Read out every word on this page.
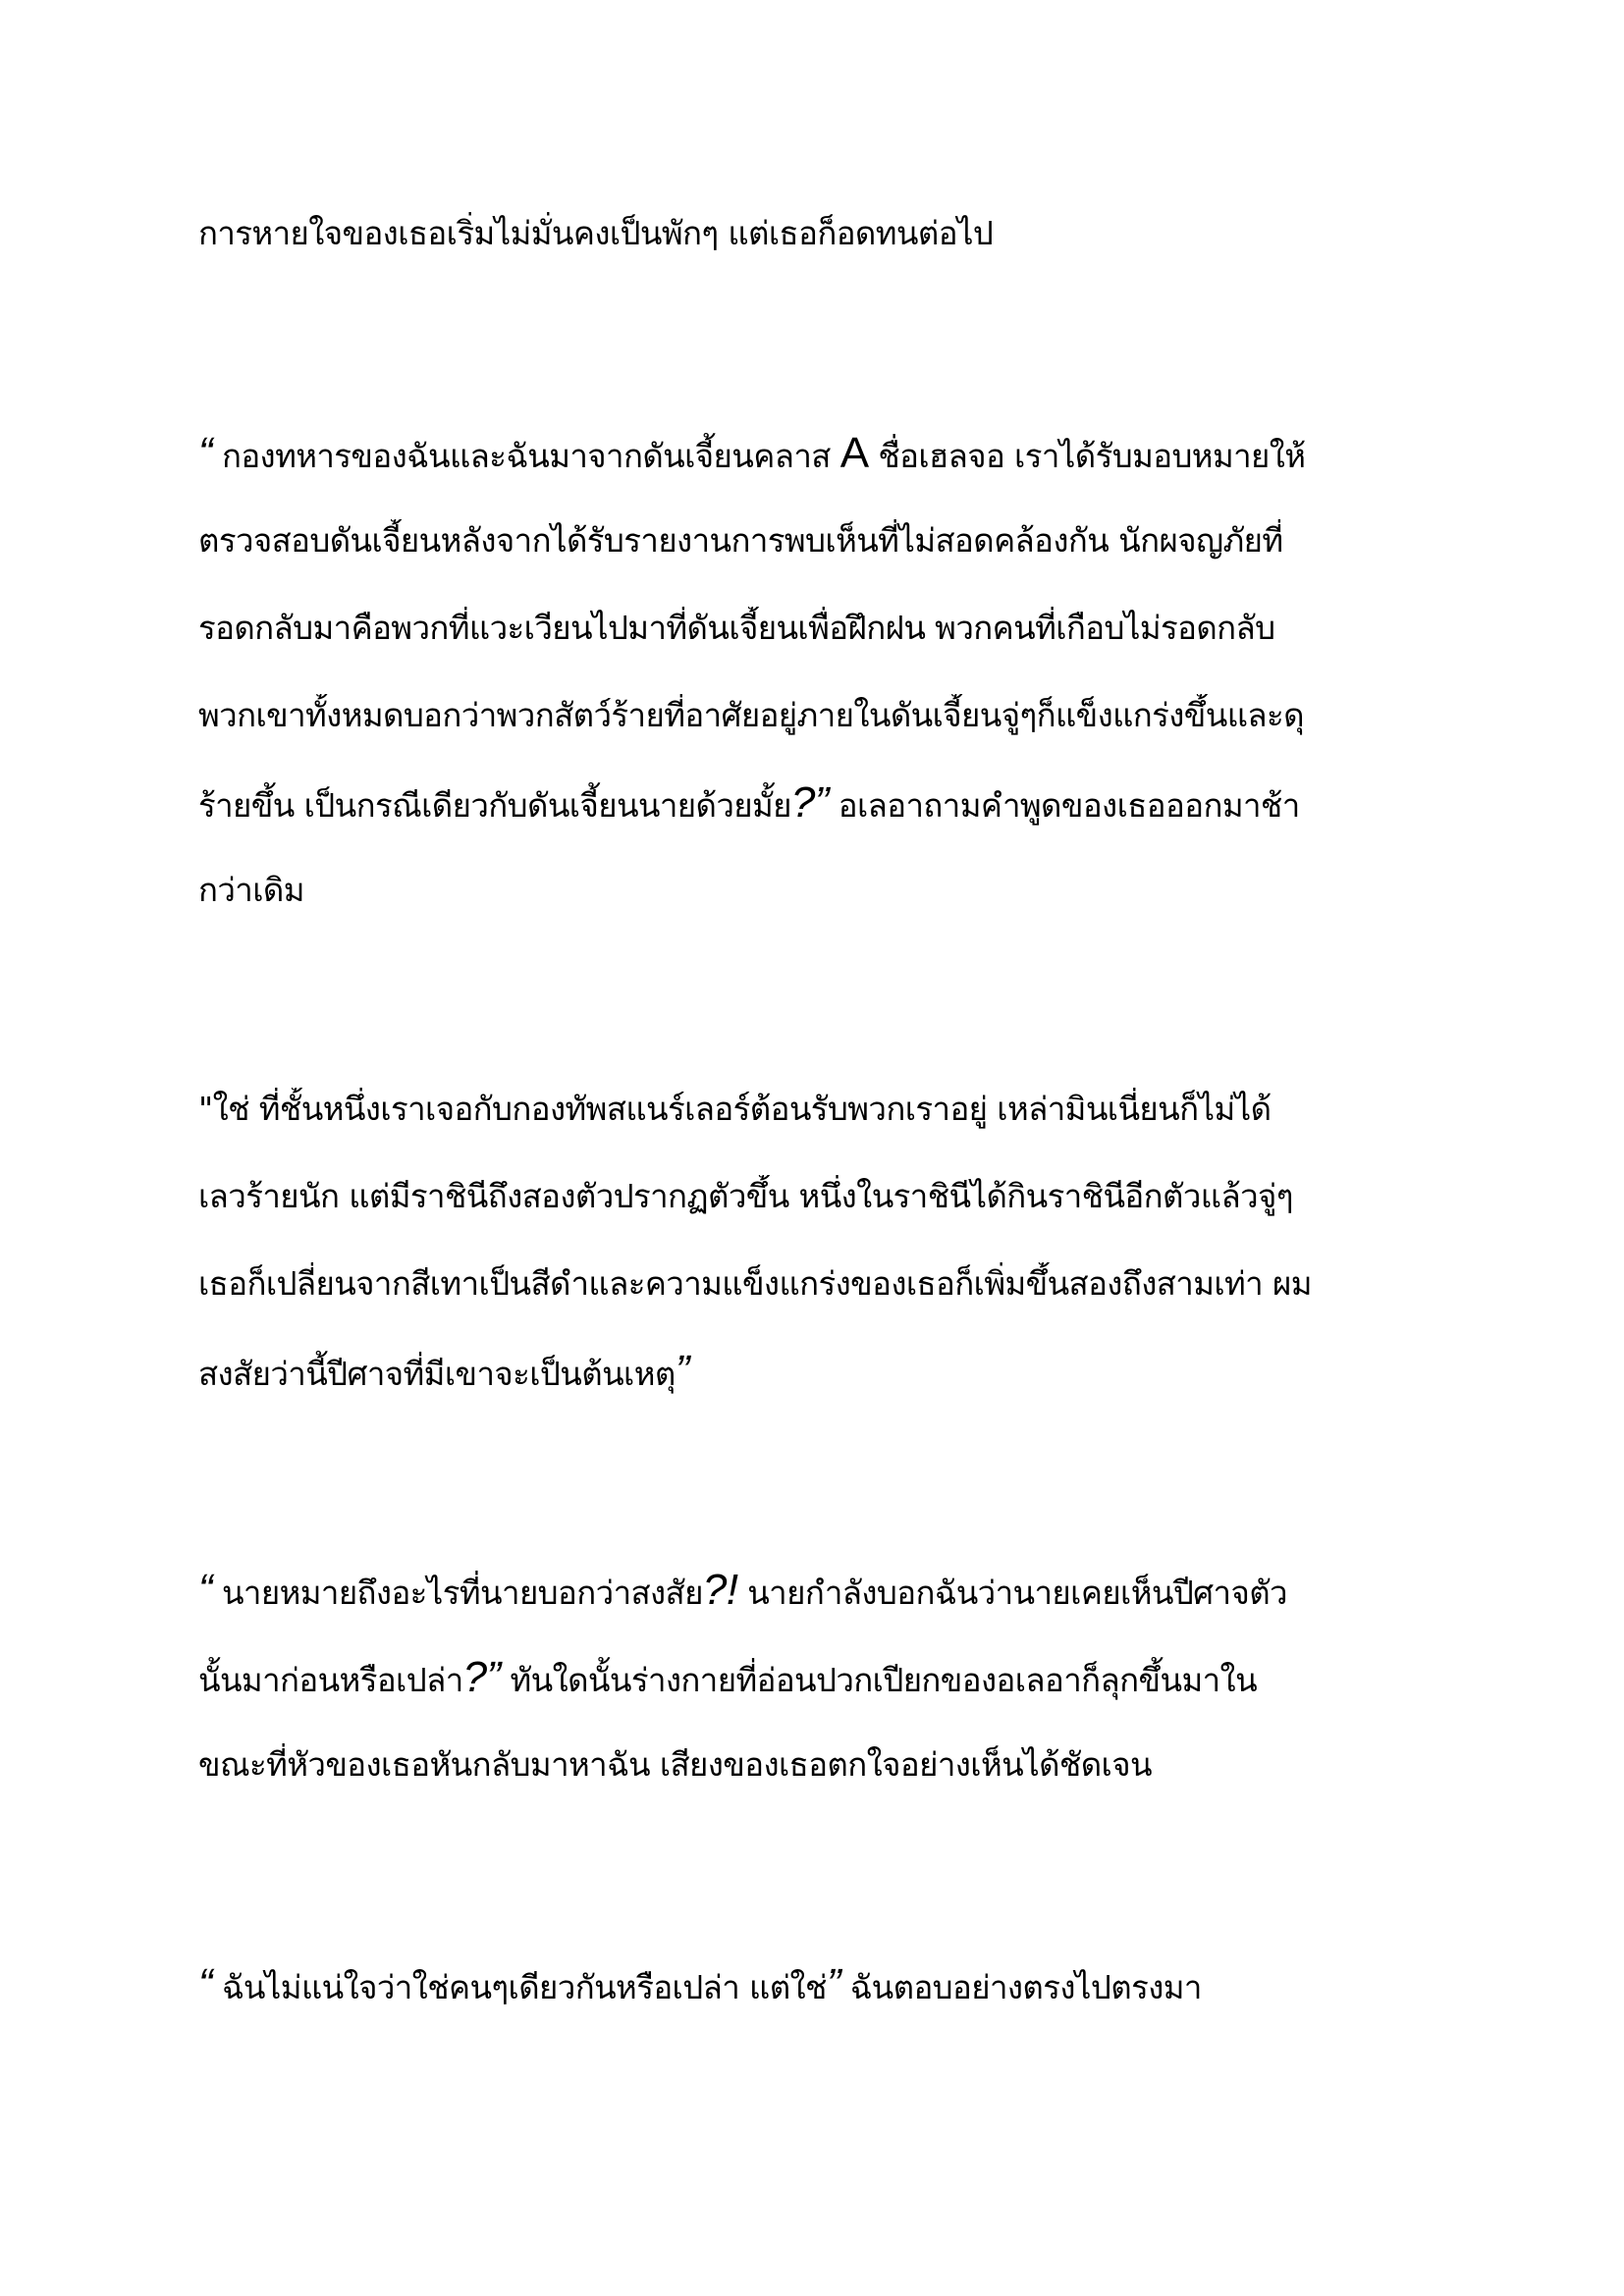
การหายใจของเธอเริ่มไม่มั่นคงเป็นพักๆ แต่เธอก็อดทนต่อไป
“ กองทหารของฉันและฉันมาจากดันเจี้ยนคลาส A ชื่อเฮลจอ เราได้รับมอบหมายให้
ตรวจสอบดันเจี้ยนหลังจากได้รับรายงานการพบเห็นที่ไม่สอดคล้องกัน นักผจญภัยที่
รอดกลับมาคือพวกที่แวะเวียนไปมาที่ดันเจี้ยนเพื่อฝึกฝน พวกคนที่เกือบไม่รอดกลับ
พวกเขาทั้งหมดบอกว่าพวกสัตว์ร้ายที่อาศัยอยู่ภายในดันเจี้ยนจู่ๆก็แข็งแกร่งขึ้นและดุ
ร้ายขึ้น เป็นกรณีเดียวกับดันเจี้ยนนายด้วยมั้ย?” อเลอาถามคำพูดของเธอออกมาช้า
กว่าเดิม
"ใช่ ที่ชั้นหนึ่งเราเจอกับกองทัพสแนร์เลอร์ต้อนรับพวกเราอยู่ เหล่ามินเนี่ยนก็ไม่ได้
เลวร้ายนัก แต่มีราชินีถึงสองตัวปรากฏตัวขึ้น หนึ่งในราชินีได้กินราชินีอีกตัวแล้วจู่ๆ
เธอก็เปลี่ยนจากสีเทาเป็นสีดำและความแข็งแกร่งของเธอก็เพิ่มขึ้นสองถึงสามเท่า ผม
สงสัยว่านี้ปีศาจที่มีเขาจะเป็นต้นเหตุ”
“ นายหมายถึงอะไรที่นายบอกว่าสงสัย?! นายกำลังบอกฉันว่านายเคยเห็นปีศาจตัว
นั้นมาก่อนหรือเปล่า?” ทันใดนั้นร่างกายที่อ่อนปวกเปียกของอเลอาก็ลุกขึ้นมาใน
ขณะที่หัวของเธอหันกลับมาหาฉัน เสียงของเธอตกใจอย่างเห็นได้ชัดเจน
“ ฉันไม่แน่ใจว่าใช่คนๆเดียวกันหรือเปล่า แต่ใช่” ฉันตอบอย่างตรงไปตรงมา
